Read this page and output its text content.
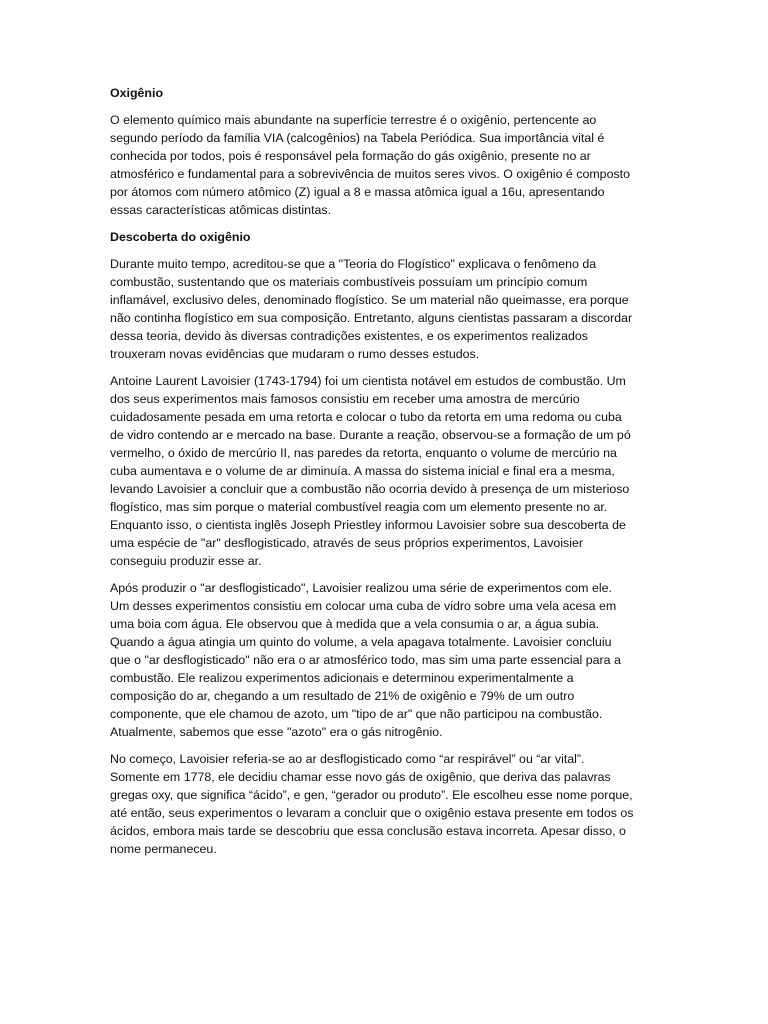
Oxigênio
O elemento químico mais abundante na superfície terrestre é o oxigênio, pertencente ao
segundo período da família VIA (calcogênios) na Tabela Periódica. Sua importância vital é
conhecida por todos, pois é responsável pela formação do gás oxigênio, presente no ar
atmosférico e fundamental para a sobrevivência de muitos seres vivos. O oxigênio é composto
por átomos com número atômico (Z) igual a 8 e massa atômica igual a 16u, apresentando
essas características atômicas distintas.
Descoberta do oxigênio
Durante muito tempo, acreditou-se que a "Teoria do Flogístico" explicava o fenômeno da
combustão, sustentando que os materiais combustíveis possuíam um princípio comum
inflamável, exclusivo deles, denominado flogístico. Se um material não queimasse, era porque
não continha flogístico em sua composição. Entretanto, alguns cientistas passaram a discordar
dessa teoria, devido às diversas contradições existentes, e os experimentos realizados
trouxeram novas evidências que mudaram o rumo desses estudos.
Antoine Laurent Lavoisier (1743-1794) foi um cientista notável em estudos de combustão. Um
dos seus experimentos mais famosos consistiu em receber uma amostra de mercúrio
cuidadosamente pesada em uma retorta e colocar o tubo da retorta em uma redoma ou cuba
de vidro contendo ar e mercado na base. Durante a reação, observou-se a formação de um pó
vermelho, o óxido de mercúrio II, nas paredes da retorta, enquanto o volume de mercúrio na
cuba aumentava e o volume de ar diminuía. A massa do sistema inicial e final era a mesma,
levando Lavoisier a concluir que a combustão não ocorria devido à presença de um misterioso
flogístico, mas sim porque o material combustível reagia com um elemento presente no ar.
Enquanto isso, o cientista inglês Joseph Priestley informou Lavoisier sobre sua descoberta de
uma espécie de "ar" desflogisticado, através de seus próprios experimentos, Lavoisier
conseguiu produzir esse ar.
Após produzir o "ar desflogisticado", Lavoisier realizou uma série de experimentos com ele.
Um desses experimentos consistiu em colocar uma cuba de vidro sobre uma vela acesa em
uma boia com água. Ele observou que à medida que a vela consumia o ar, a água subia.
Quando a água atingia um quinto do volume, a vela apagava totalmente. Lavoisier concluiu
que o "ar desflogisticado" não era o ar atmosférico todo, mas sim uma parte essencial para a
combustão. Ele realizou experimentos adicionais e determinou experimentalmente a
composição do ar, chegando a um resultado de 21% de oxigênio e 79% de um outro
componente, que ele chamou de azoto, um "tipo de ar" que não participou na combustão.
Atualmente, sabemos que esse "azoto" era o gás nitrogênio.
No começo, Lavoisier referia-se ao ar desflogisticado como “ar respirável” ou “ar vital”.
Somente em 1778, ele decidiu chamar esse novo gás de oxigênio, que deriva das palavras
gregas oxy, que significa “ácido”, e gen, “gerador ou produto”. Ele escolheu esse nome porque,
até então, seus experimentos o levaram a concluir que o oxigênio estava presente em todos os
ácidos, embora mais tarde se descobriu que essa conclusão estava incorreta. Apesar disso, o
nome permaneceu.
